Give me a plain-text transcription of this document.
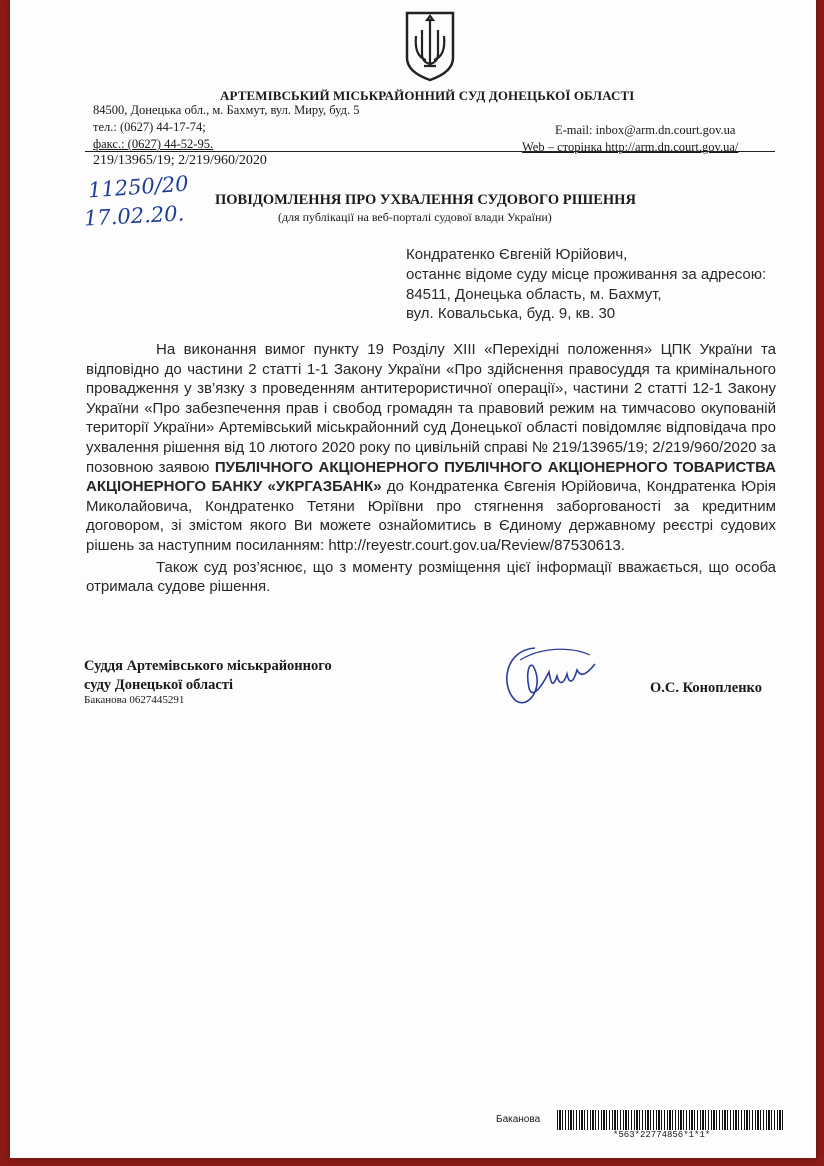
АРТЕМІВСЬКИЙ МІСЬКРАЙОННИЙ СУД ДОНЕЦЬКОЇ ОБЛАСТІ
84500, Донецька обл., м. Бахмут, вул. Миру, буд. 5
тел.: (0627) 44-17-74;	E-mail: inbox@arm.dn.court.gov.ua
факс.: (0627) 44-52-95.	Web – сторінка http://arm.dn.court.gov.ua/
219/13965/19; 2/219/960/2020
11250/20
17.02.20.
ПОВІДОМЛЕННЯ ПРО УХВАЛЕННЯ СУДОВОГО РІШЕННЯ
(для публікації на веб-порталі судової влади України)
Кондратенко Євгеній Юрійович,
останнє відоме суду місце проживання за адресою:
84511, Донецька область, м. Бахмут,
вул. Ковальська, буд. 9, кв. 30

На виконання вимог пункту 19 Розділу XIII «Перехідні положення» ЦПК України та відповідно до частини 2 статті 1-1 Закону України «Про здійснення правосуддя та кримінального провадження у зв’язку з проведенням антитерористичної операції», частини 2 статті 12-1 Закону України «Про забезпечення прав і свобод громадян та правовий режим на тимчасово окупованій території України» Артемівський міськрайонний суд Донецької області повідомляє відповідача про ухвалення рішення від 10 лютого 2020 року по цивільній справі № 219/13965/19; 2/219/960/2020 за позовною заявою ПУБЛІЧНОГО АКЦІОНЕРНОГО ПУБЛІЧНОГО АКЦІОНЕРНОГО ТОВАРИСТВА АКЦІОНЕРНОГО БАНКУ «УКРГАЗБАНК» до Кондратенка Євгенія Юрійовича, Кондратенка Юрія Миколайовича, Кондратенко Тетяни Юріївни про стягнення заборгованості за кредитним договором, зі змістом якого Ви можете ознайомитись в Єдиному державному реєстрі судових рішень за наступним посиланням: http://reyestr.court.gov.ua/Review/87530613.

Також суд роз’яснює, що з моменту розміщення цієї інформації вважається, що особа отримала судове рішення.

Суддя Артемівського міськрайонного
суду Донецької області
Баканова 0627445291
О.С. Конопленко
Баканова
*563*22774856*1*1*
